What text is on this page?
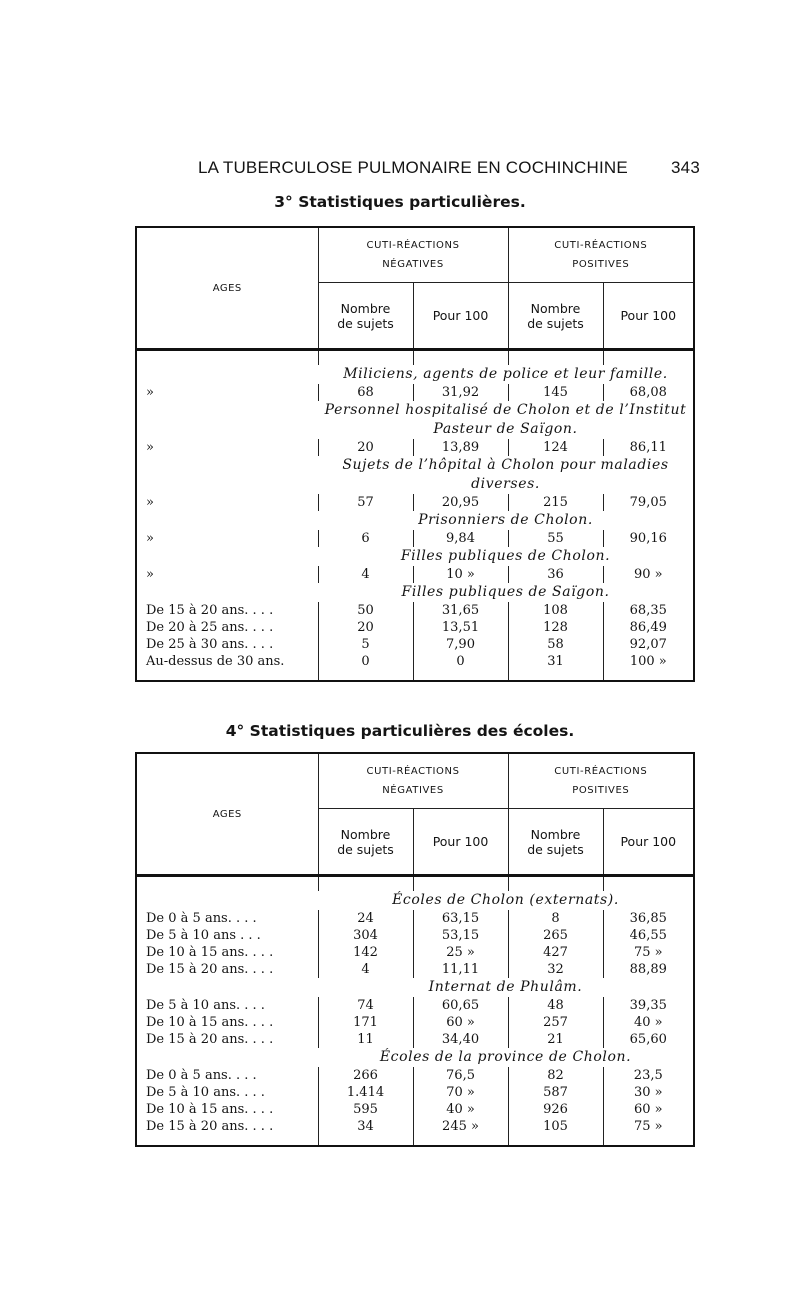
LA TUBERCULOSE PULMONAIRE EN COCHINCHINE	343
3° Statistiques particulières.
AGES	CUTI-RÉACTIONS
NÉGATIVES		CUTI-RÉACTIONS
POSITIVES	

	Nombre
de sujets	Pour 100	Nombre
de sujets	Pour 100

	Miliciens, agents de police et leur famille.			
»	68	31,92	145	68,08
	Personnel hospitalisé de Cholon et de l’Institut Pasteur de Saïgon.			
»	20	13,89	124	86,11
	Sujets de l’hôpital à Cholon pour maladies diverses.			
»	57	20,95	215	79,05
	Prisonniers de Cholon.			
»	6	9,84	55	90,16
	Filles publiques de Cholon.			
»	4	10 »	36	90 »
	Filles publiques de Saïgon.			
De 15 à 20 ans. . . .	50	31,65	108	68,35
De 20 à 25 ans. . . .	20	13,51	128	86,49
De 25 à 30 ans. . . .	5	7,90	58	92,07
Au-dessus de 30 ans.	0	0	31	100 »

4° Statistiques particulières des écoles.
AGES	CUTI-RÉACTIONS
NÉGATIVES		CUTI-RÉACTIONS
POSITIVES	

	Nombre
de sujets	Pour 100	Nombre
de sujets	Pour 100

	Écoles de Cholon (externats).			
De 0 à 5 ans. . . .	24	63,15	8	36,85
De 5 à 10 ans . . .	304	53,15	265	46,55
De 10 à 15 ans. . . .	142	25 »	427	75 »
De 15 à 20 ans. . . .	4	11,11	32	88,89
	Internat de Phulâm.			
De 5 à 10 ans. . . .	74	60,65	48	39,35
De 10 à 15 ans. . . .	171	60 »	257	40 »
De 15 à 20 ans. . . .	11	34,40	21	65,60
	Écoles de la province de Cholon.			
De 0 à 5 ans. . . .	266	76,5	82	23,5
De 5 à 10 ans. . . .	1.414	70 »	587	30 »
De 10 à 15 ans. . . .	595	40 »	926	60 »
De 15 à 20 ans. . . .	34	245 »	105	75 »
